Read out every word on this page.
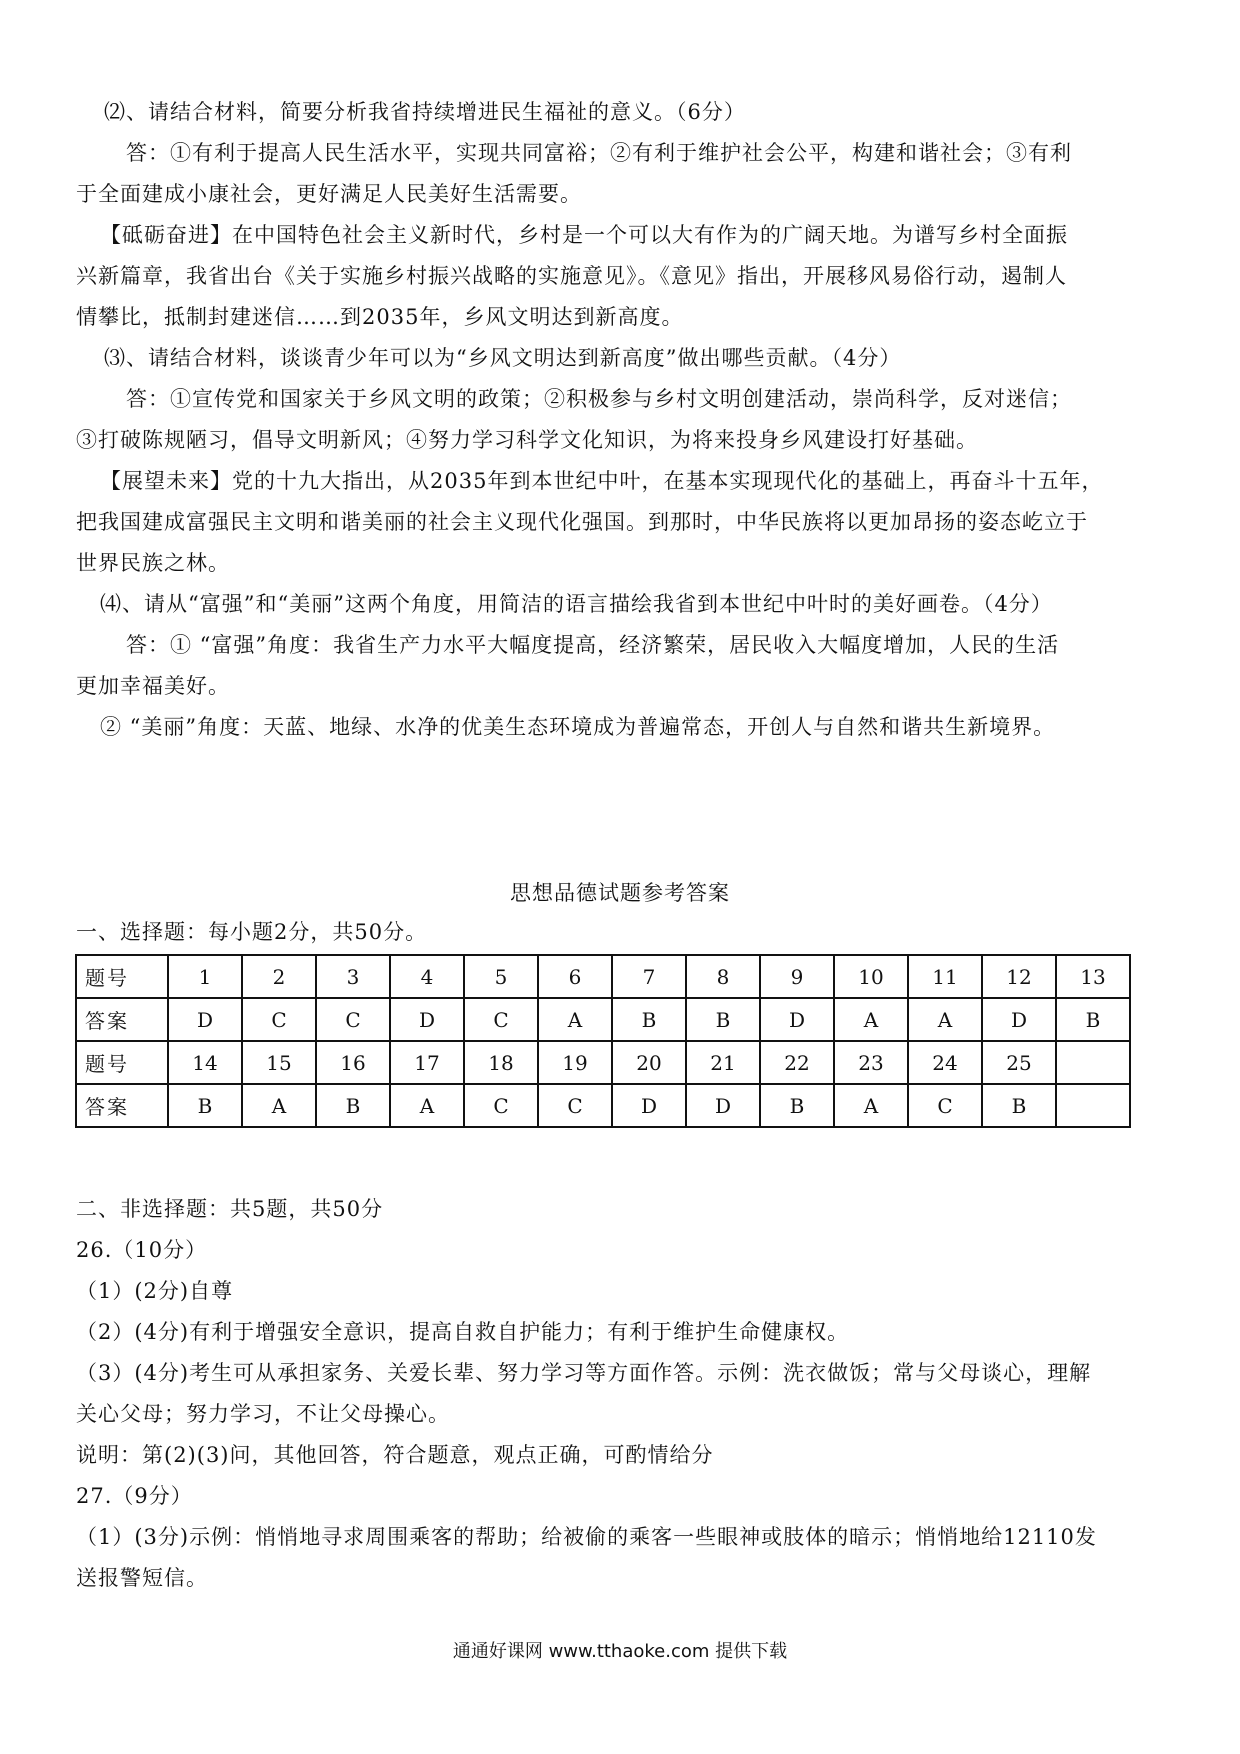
⑵、请结合材料，简要分析我省持续增进民生福祉的意义。（6分）

答：①有利于提高人民生活水平，实现共同富裕；②有利于维护社会公平，构建和谐社会；③有利

于全面建成小康社会，更好满足人民美好生活需要。

【砥砺奋进】在中国特色社会主义新时代，乡村是一个可以大有作为的广阔天地。为谱写乡村全面振

兴新篇章，我省出台《关于实施乡村振兴战略的实施意见》。《意见》指出，开展移风易俗行动，遏制人

情攀比，抵制封建迷信……到2035年，乡风文明达到新高度。

⑶、请结合材料，谈谈青少年可以为“乡风文明达到新高度”做出哪些贡献。（4分）

答：①宣传党和国家关于乡风文明的政策；②积极参与乡村文明创建活动，崇尚科学，反对迷信；

③打破陈规陋习，倡导文明新风；④努力学习科学文化知识，为将来投身乡风建设打好基础。

【展望未来】党的十九大指出，从2035年到本世纪中叶，在基本实现现代化的基础上，再奋斗十五年，

把我国建成富强民主文明和谐美丽的社会主义现代化强国。到那时，中华民族将以更加昂扬的姿态屹立于

世界民族之林。

⑷、请从“富强”和“美丽”这两个角度，用简洁的语言描绘我省到本世纪中叶时的美好画卷。（4分）

答：① “富强”角度：我省生产力水平大幅度提高，经济繁荣，居民收入大幅度增加，人民的生活

更加幸福美好。

② “美丽”角度：天蓝、地绿、水净的优美生态环境成为普遍常态，开创人与自然和谐共生新境界。

思想品德试题参考答案

一、选择题：每小题2分，共50分。

题号	1	2	3	4	5	6	7	8	9	10	11	12	13
答案	D	C	C	D	C	A	B	B	D	A	A	D	B
题号	14	15	16	17	18	19	20	21	22	23	24	25	
答案	B	A	B	A	C	C	D	D	B	A	C	B	

二、非选择题：共5题，共50分

26.（10分）

（1）(2分)自尊

（2）(4分)有利于增强安全意识，提高自救自护能力；有利于维护生命健康权。

（3）(4分)考生可从承担家务、关爱长辈、努力学习等方面作答。示例：洗衣做饭；常与父母谈心，理解

关心父母；努力学习，不让父母操心。

说明：第(2)(3)问，其他回答，符合题意，观点正确，可酌情给分

27.（9分）

（1）(3分)示例：悄悄地寻求周围乘客的帮助；给被偷的乘客一些眼神或肢体的暗示；悄悄地给12110发

送报警短信。

通通好课网 www.tthaoke.com 提供下载
